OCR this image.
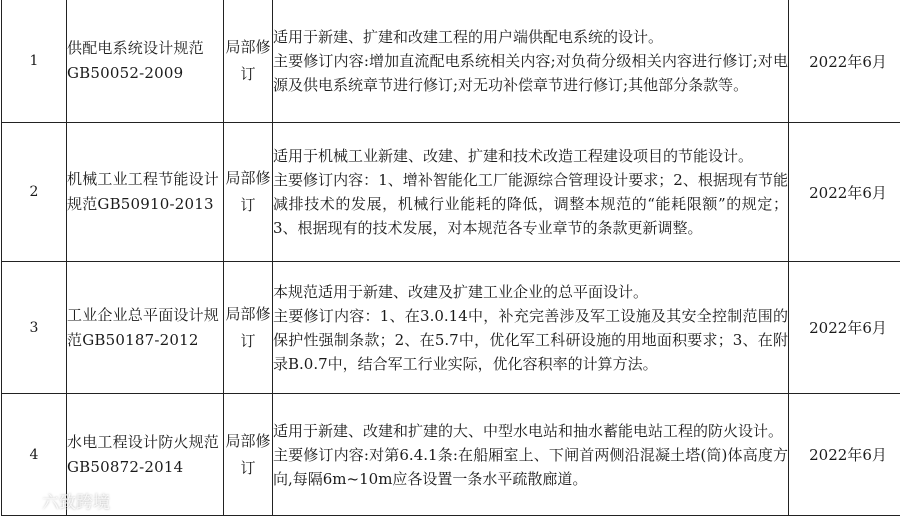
1	供配电系统设计规范GB50052-2009	局部修订	适用于新建、扩建和改建工程的用户端供配电系统的设计。
主要修订内容:增加直流配电系统相关内容;对负荷分级相关内容进行修订;对电源及供电系统章节进行修订;对无功补偿章节进行修订;其他部分条款等。	2022年6月
2	机械工业工程节能设计规范GB50910-2013	局部修订	适用于机械工业新建、改建、扩建和技术改造工程建设项目的节能设计。
主要修订内容：1、增补智能化工厂能源综合管理设计要求；2、根据现有节能减排技术的发展，机械行业能耗的降低，调整本规范的“能耗限额”的规定；3、根据现有的技术发展，对本规范各专业章节的条款更新调整。	2022年6月
3	工业企业总平面设计规范GB50187-2012	局部修订	本规范适用于新建、改建及扩建工业企业的总平面设计。
主要修订内容：1、在3.0.14中，补充完善涉及军工设施及其安全控制范围的保护性强制条款；2、在5.7中，优化军工科研设施的用地面积要求；3、在附录B.0.7中，结合军工行业实际，优化容积率的计算方法。	2022年6月
4	水电工程设计防火规范GB50872-2014	局部修订	适用于新建、改建和扩建的大、中型水电站和抽水蓄能电站工程的防火设计。
主要修订内容:对第6.4.1条:在船厢室上、下闸首两侧沿混凝土塔(筒)体高度方向,每隔6m~10m应各设置一条水平疏散廊道。	2022年6月
六致跨境
